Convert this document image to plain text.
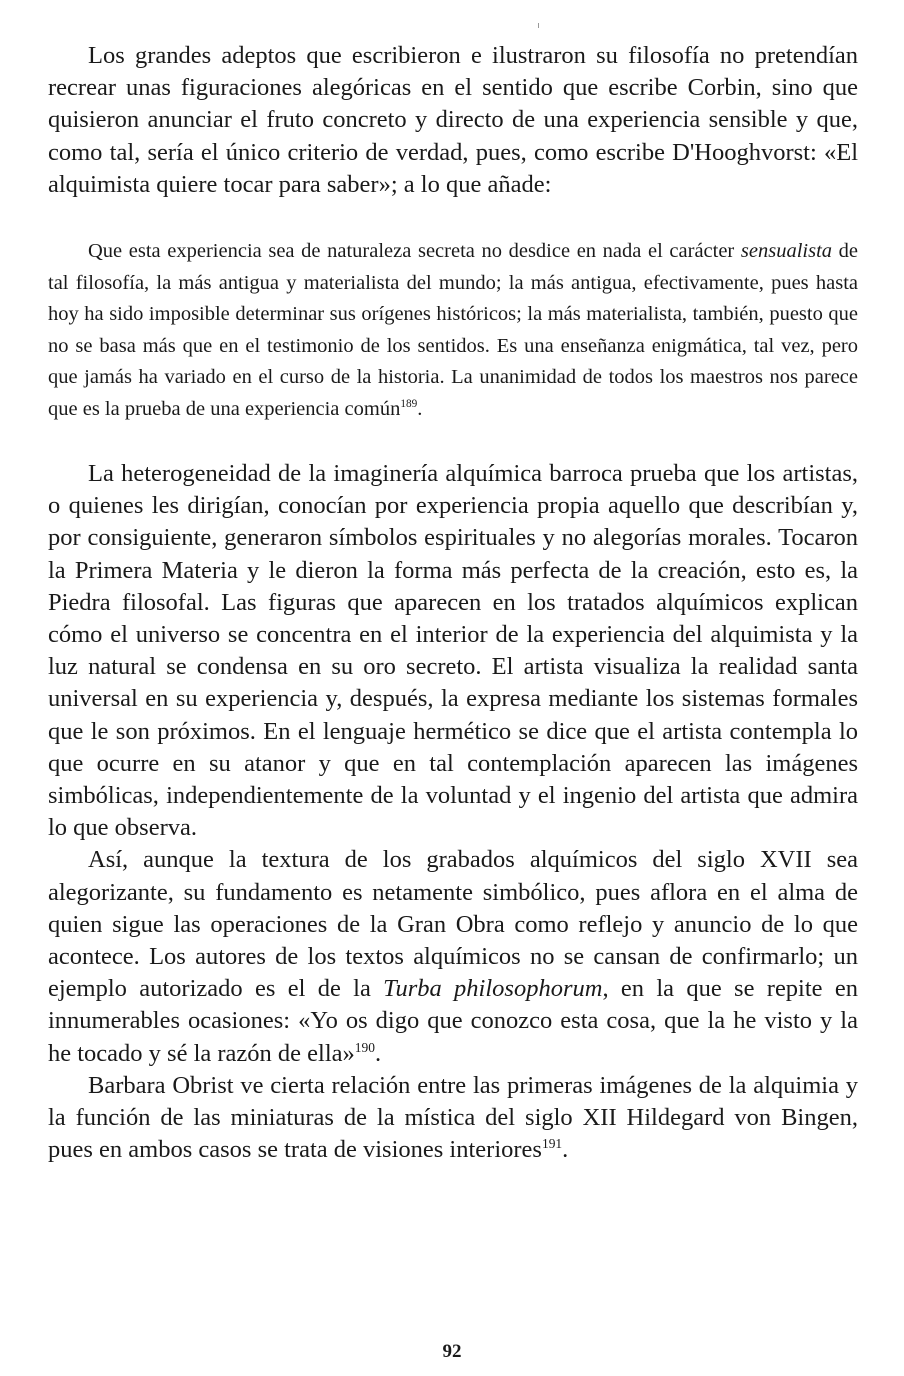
Los grandes adeptos que escribieron e ilustraron su filosofía no pretendían recrear unas figuraciones alegóricas en el sentido que escribe Corbin, sino que quisieron anunciar el fruto concreto y directo de una experiencia sensible y que, como tal, sería el único criterio de verdad, pues, como escribe D'Hooghvorst: «El alquimista quiere tocar para saber»; a lo que añade:

Que esta experiencia sea de naturaleza secreta no desdice en nada el carácter sensualista de tal filosofía, la más antigua y materialista del mundo; la más antigua, efectivamente, pues hasta hoy ha sido imposible determinar sus orígenes históricos; la más materialista, también, puesto que no se basa más que en el testimonio de los sentidos. Es una enseñanza enigmática, tal vez, pero que jamás ha variado en el curso de la historia. La unanimidad de todos los maestros nos parece que es la prueba de una experiencia común$^{189}$.

La heterogeneidad de la imaginería alquímica barroca prueba que los artistas, o quienes les dirigían, conocían por experiencia propia aquello que describían y, por consiguiente, generaron símbolos espirituales y no alegorías morales. Tocaron la Primera Materia y le dieron la forma más perfecta de la creación, esto es, la Piedra filosofal. Las figuras que aparecen en los tratados alquímicos explican cómo el universo se concentra en el interior de la experiencia del alquimista y la luz natural se condensa en su oro secreto. El artista visualiza la realidad santa universal en su experiencia y, después, la expresa mediante los sistemas formales que le son próximos. En el lenguaje hermético se dice que el artista contempla lo que ocurre en su atanor y que en tal contemplación aparecen las imágenes simbólicas, independientemente de la voluntad y el ingenio del artista que admira lo que observa.

Así, aunque la textura de los grabados alquímicos del siglo XVII sea alegorizante, su fundamento es netamente simbólico, pues aflora en el alma de quien sigue las operaciones de la Gran Obra como reflejo y anuncio de lo que acontece. Los autores de los textos alquímicos no se cansan de confirmarlo; un ejemplo autorizado es el de la Turba philosophorum, en la que se repite en innumerables ocasiones: «Yo os digo que conozco esta cosa, que la he visto y la he tocado y sé la razón de ella»$^{190}$.

Barbara Obrist ve cierta relación entre las primeras imágenes de la alquimia y la función de las miniaturas de la mística del siglo XII Hildegard von Bingen, pues en ambos casos se trata de visiones interiores$^{191}$.

92
